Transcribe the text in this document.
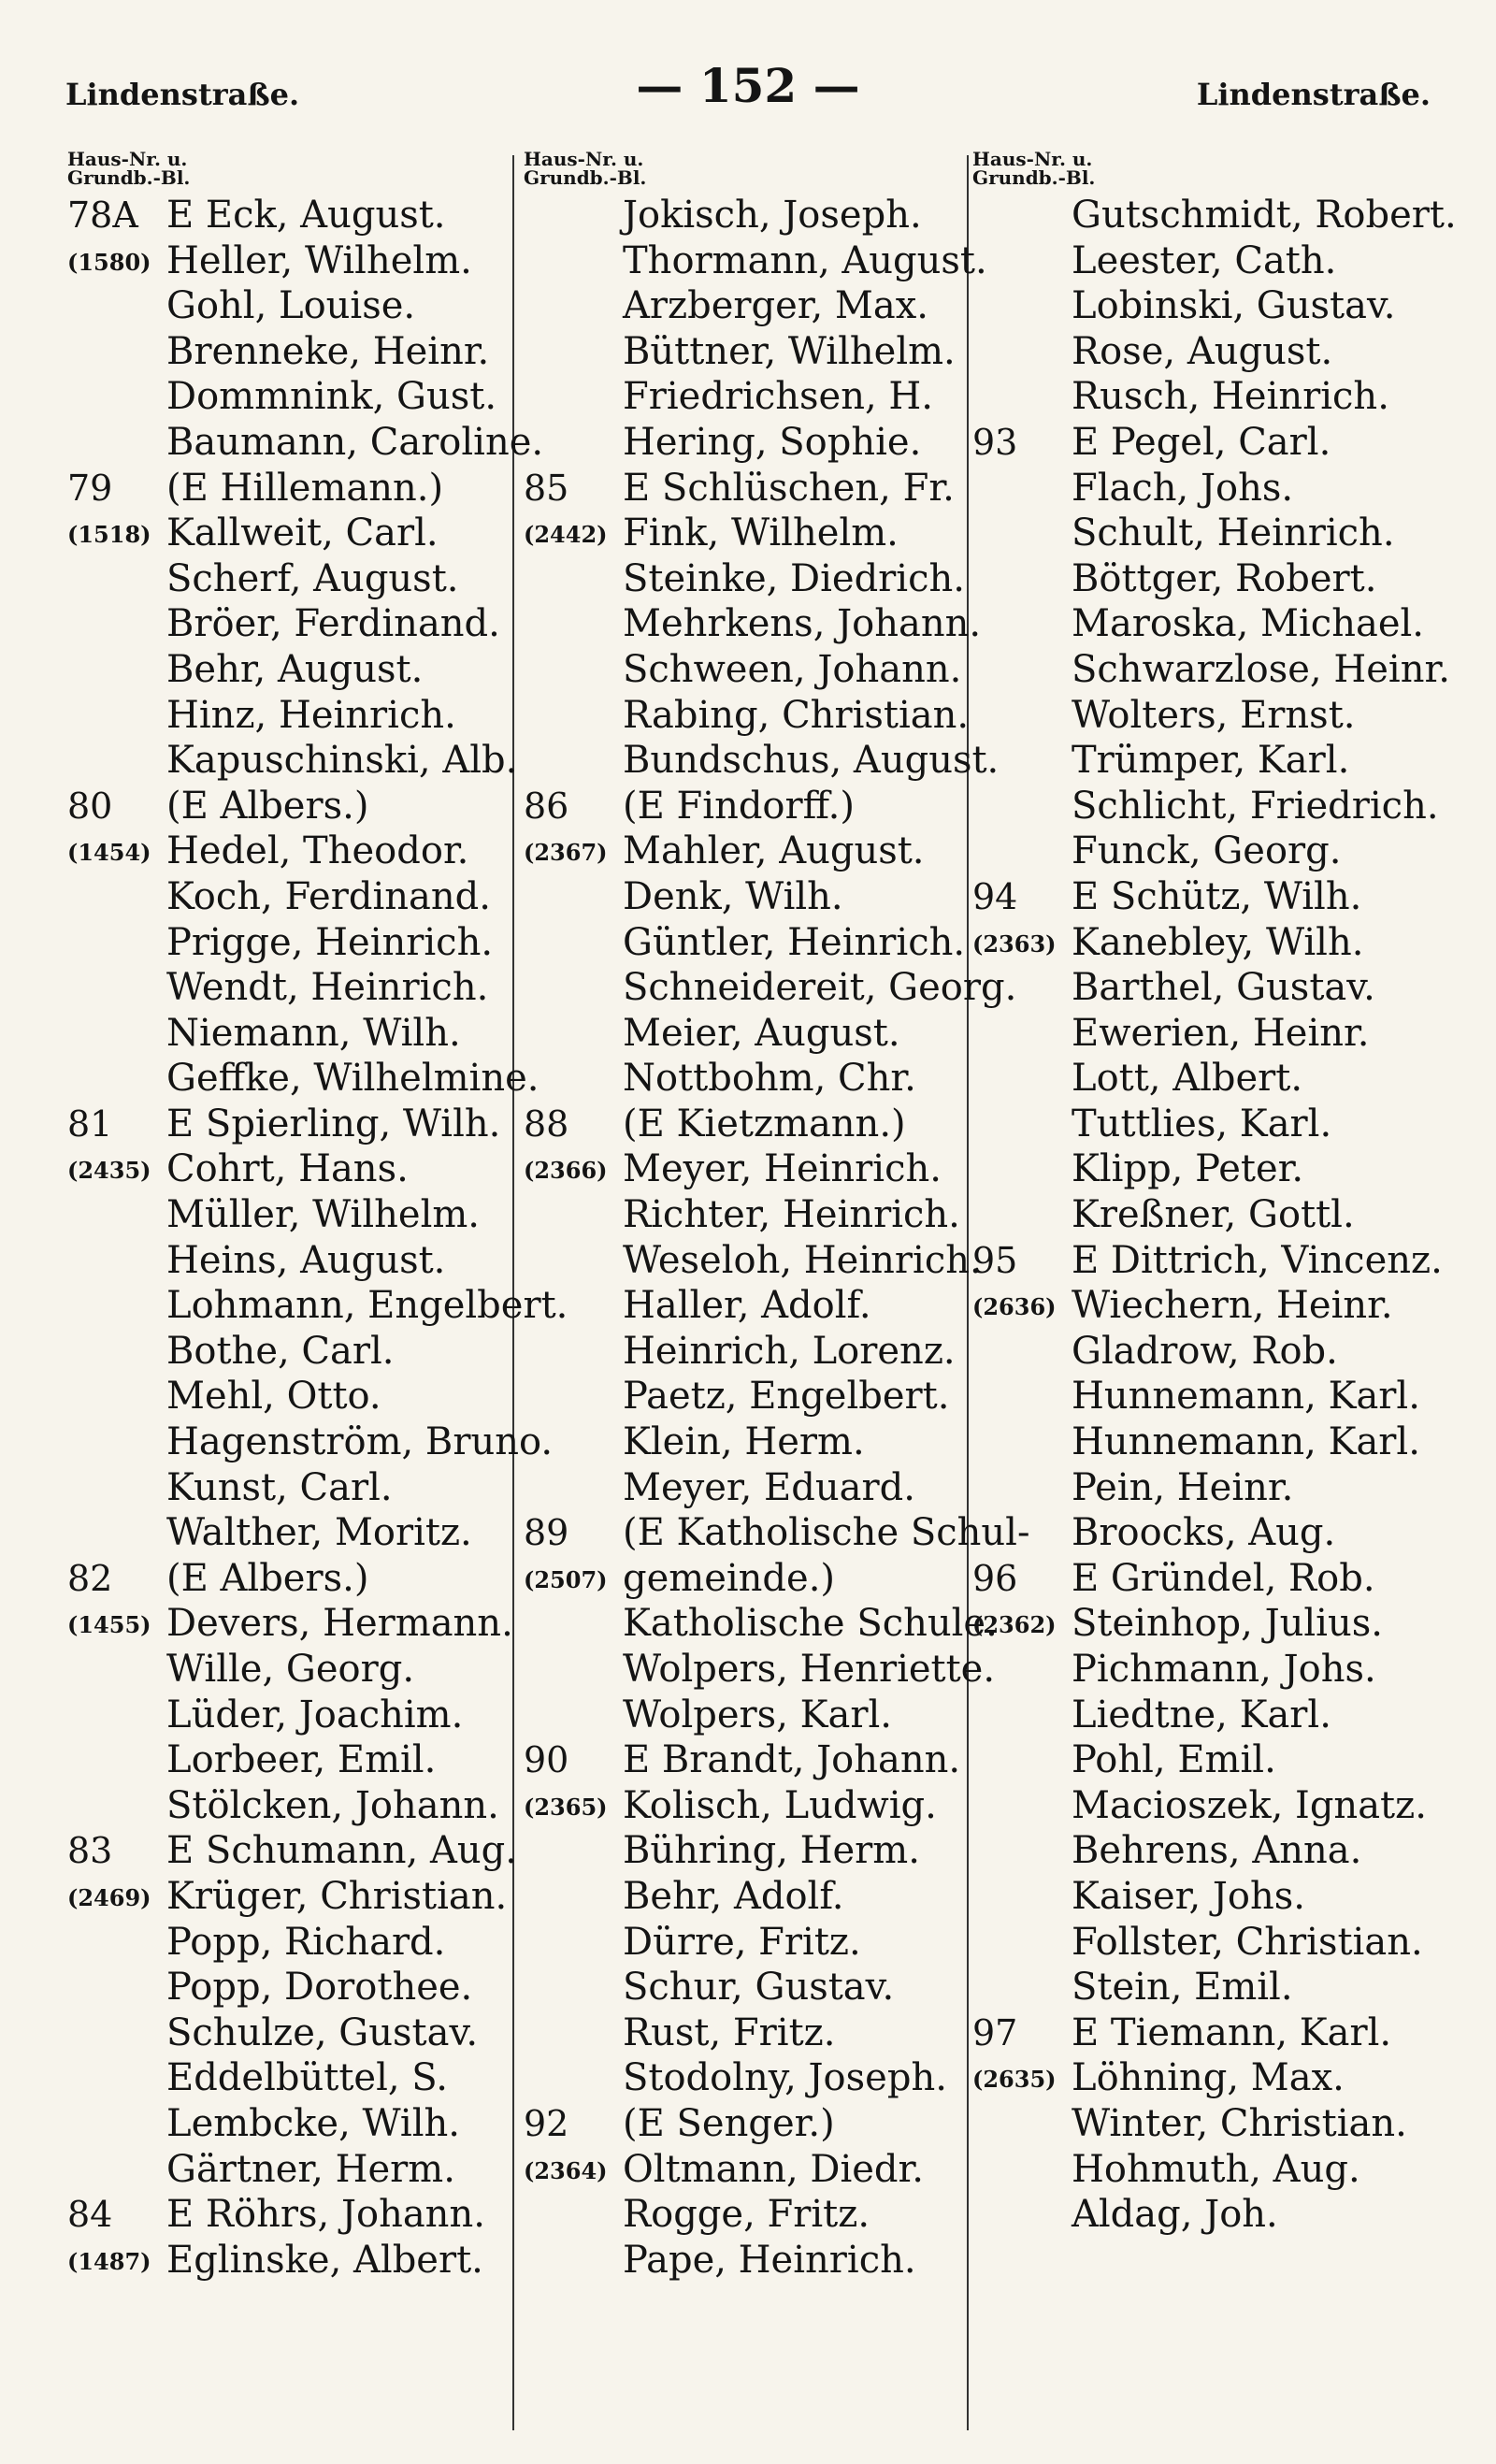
— 152 —
Lindenstraße.	Lindenstraße.
Haus-Nr. u.
Grundb.-Bl.
78A E Eck, August.
(1580) Heller, Wilhelm.
Gohl, Louise.
Brenneke, Heinr.
Dommnink, Gust.
Baumann, Caroline.
79 (E Hillemann.)
(1518) Kallweit, Carl.
Scherf, August.
Bröer, Ferdinand.
Behr, August.
Hinz, Heinrich.
Kapuschinski, Alb.
80 (E Albers.)
(1454) Hedel, Theodor.
Koch, Ferdinand.
Prigge, Heinrich.
Wendt, Heinrich.
Niemann, Wilh.
Geffke, Wilhelmine.
81 E Spierling, Wilh.
(2435) Cohrt, Hans.
Müller, Wilhelm.
Heins, August.
Lohmann, Engelbert.
Bothe, Carl.
Mehl, Otto.
Hagenström, Bruno.
Kunst, Carl.
Walther, Moritz.
82 (E Albers.)
(1455) Devers, Hermann.
Wille, Georg.
Lüder, Joachim.
Lorbeer, Emil.
Stölcken, Johann.
83 E Schumann, Aug.
(2469) Krüger, Christian.
Popp, Richard.
Popp, Dorothee.
Schulze, Gustav.
Eddelbüttel, S.
Lembcke, Wilh.
Gärtner, Herm.
84 E Röhrs, Johann.
(1487) Eglinske, Albert.
Haus-Nr. u.
Grundb.-Bl.
Jokisch, Joseph.
Thormann, August.
Arzberger, Max.
Büttner, Wilhelm.
Friedrichsen, H.
Hering, Sophie.
85 E Schlüschen, Fr.
(2442) Fink, Wilhelm.
Steinke, Diedrich.
Mehrkens, Johann.
Schween, Johann.
Rabing, Christian.
Bundschus, August.
86 (E Findorff.)
(2367) Mahler, August.
Denk, Wilh.
Güntler, Heinrich.
Schneidereit, Georg.
Meier, August.
Nottbohm, Chr.
88 (E Kietzmann.)
(2366) Meyer, Heinrich.
Richter, Heinrich.
Weseloh, Heinrich.
Haller, Adolf.
Heinrich, Lorenz.
Paetz, Engelbert.
Klein, Herm.
Meyer, Eduard.
89 (E Katholische Schul-
(2507) gemeinde.)
Katholische Schule.
Wolpers, Henriette.
Wolpers, Karl.
90 E Brandt, Johann.
(2365) Kolisch, Ludwig.
Bühring, Herm.
Behr, Adolf.
Dürre, Fritz.
Schur, Gustav.
Rust, Fritz.
Stodolny, Joseph.
92 (E Senger.)
(2364) Oltmann, Diedr.
Rogge, Fritz.
Pape, Heinrich.
Haus-Nr. u.
Grundb.-Bl.
Gutschmidt, Robert.
Leester, Cath.
Lobinski, Gustav.
Rose, August.
Rusch, Heinrich.
93 E Pegel, Carl.
Flach, Johs.
Schult, Heinrich.
Böttger, Robert.
Maroska, Michael.
Schwarzlose, Heinr.
Wolters, Ernst.
Trümper, Karl.
Schlicht, Friedrich.
Funck, Georg.
94 E Schütz, Wilh.
(2363) Kanebley, Wilh.
Barthel, Gustav.
Ewerien, Heinr.
Lott, Albert.
Tuttlies, Karl.
Klipp, Peter.
Kreßner, Gottl.
95 E Dittrich, Vincenz.
(2636) Wiechern, Heinr.
Gladrow, Rob.
Hunnemann, Karl.
Hunnemann, Karl.
Pein, Heinr.
Broocks, Aug.
96 E Gründel, Rob.
(2362) Steinhop, Julius.
Pichmann, Johs.
Liedtne, Karl.
Pohl, Emil.
Macioszek, Ignatz.
Behrens, Anna.
Kaiser, Johs.
Follster, Christian.
Stein, Emil.
97 E Tiemann, Karl.
(2635) Löhning, Max.
Winter, Christian.
Hohmuth, Aug.
Aldag, Joh.
